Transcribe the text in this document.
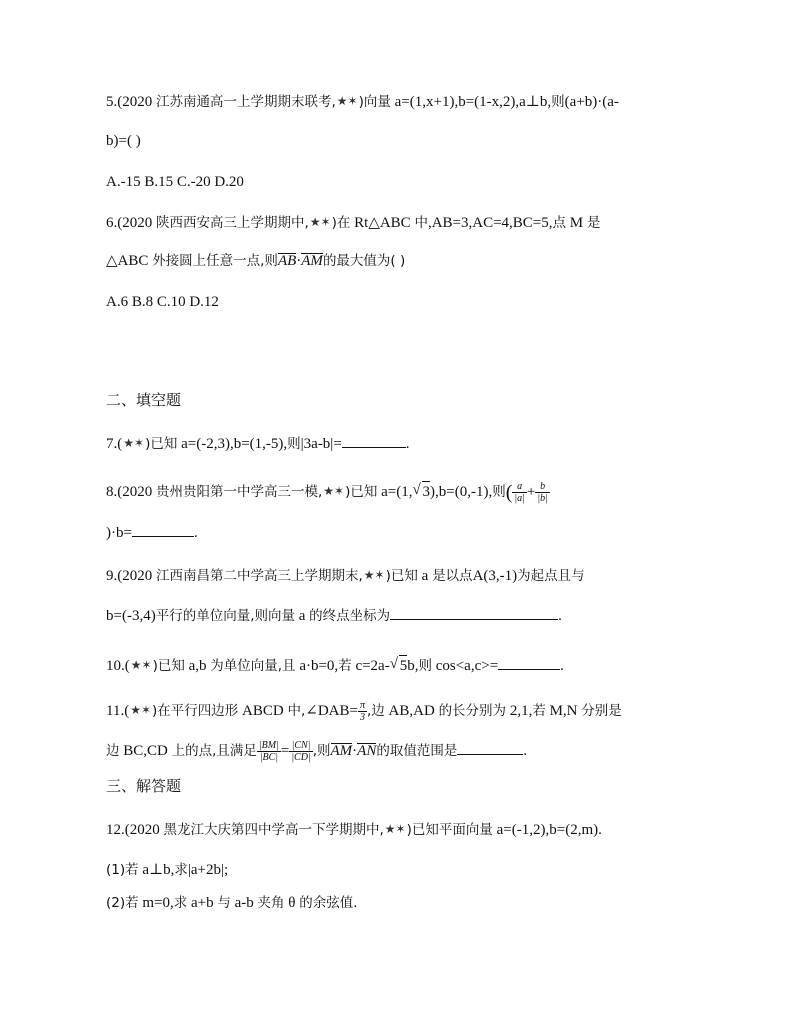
5.(2020 江苏南通高一上学期期末联考,★✶)向量 a=(1,x+1),b=(1-x,2),a⊥b,则(a+b)·(a-
b)=( )
A.-15 B.15 C.-20 D.20
6.(2020 陕西西安高三上学期期中,★✶)在 Rt△ABC 中,AB=3,AC=4,BC=5,点 M 是
△ABC 外接圆上任意一点,则AB·AM的最大值为( )
A.6 B.8 C.10 D.12
二、填空题
7.(★✶)已知 a=(-2,3),b=(1,-5),则|3a-b|=	.
8.(2020 贵州贵阳第一中学高三一模,★✶)已知 a=(1, √ 3),b=(0,-1),则( $\frac{a}{|a|} + \frac{b}{|b|}$
)·b=	.
9.(2020 江西南昌第二中学高三上学期期末,★✶)已知 a 是以点A(3,-1)为起点且与
b=(-3,4)平行的单位向量,则向量 a 的终点坐标为	.
10.(★✶)已知 a,b 为单位向量,且 a·b=0,若 c=2a- √ 5b,则 cos<a,c>=	.
11.(★✶)在平行四边形 ABCD 中,∠DAB= $\frac{\pi}{3}$ ,边 AB,AD 的长分别为 2,1,若 M,N 分别是
边 BC,CD 上的点,且满足 $\frac{|BM|}{|BC|} = \frac{|CN|}{|CD|}$ ,则AM·AN的取值范围是	.
三、解答题
12.(2020 黑龙江大庆第四中学高一下学期期中,★✶)已知平面向量 a=(-1,2),b=(2,m).
(1)若 a⊥b,求|a+2b|;
(2)若 m=0,求 a+b 与 a-b 夹角 θ 的余弦值.
